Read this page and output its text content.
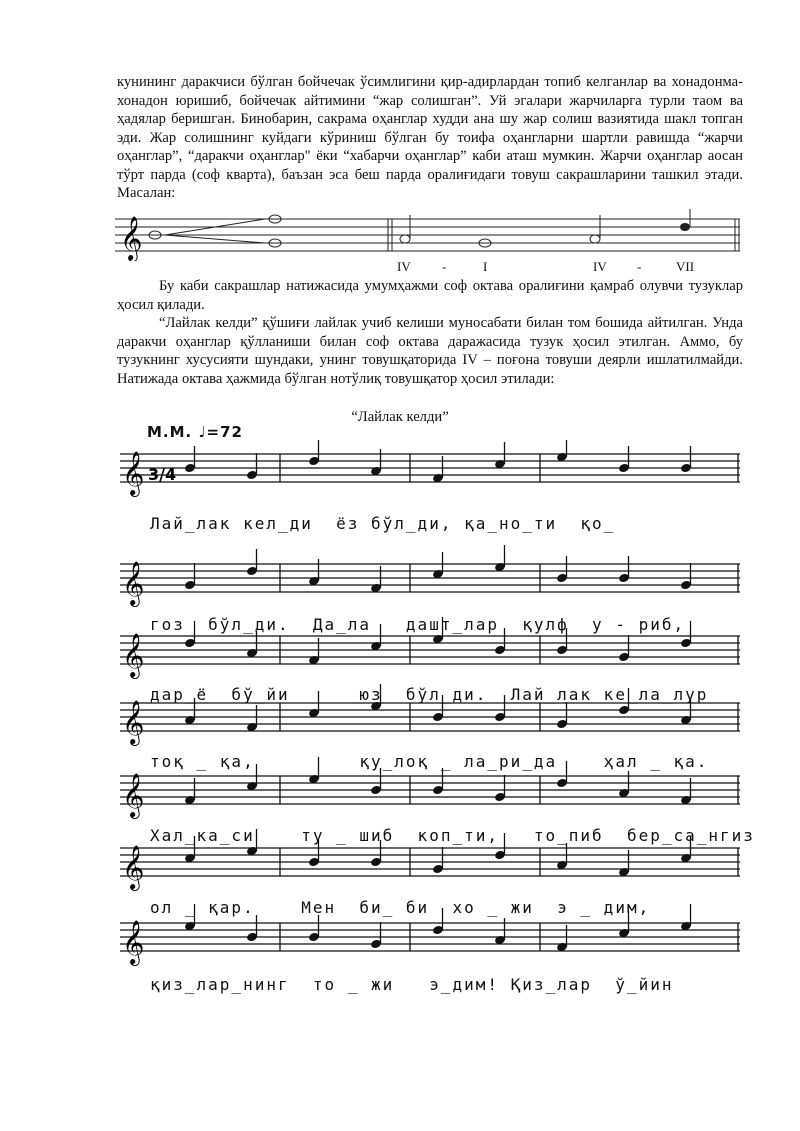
кунининг даракчиси бўлган бойчечак ўсимлигини қир-адирлардан топиб келганлар ва хонадонма-хонадон юришиб, бойчечак айтимини “жар солишган”. Уй эгалари жарчиларга турли таом ва ҳадялар беришган. Бинобарин, сакрама оҳанглар худди ана шу жар солиш вазиятида шакл топган эди. Жар солишнинг куйдаги кўриниш бўлган бу тоифа оҳангларни шартли равишда “жарчи оҳанглар”, “даракчи оҳанглар" ёки “хабарчи оҳанглар” каби аташ мумкин. Жарчи оҳанглар аосан тўрт парда (соф кварта), баъзан эса беш парда оралиғидаги товуш сакрашларини ташкил этади. Масалан:

𝄞
IV -	I	IV -	VII

Бу каби сакрашлар натижасида умумҳажми соф октава оралиғини қамраб олувчи тузуклар ҳосил қилади.

“Лайлак келди” қўшиғи лайлак учиб келиши муносабати билан том бошида айтилган. Унда даракчи оҳанглар қўлланиши билан соф октава даражасида тузук ҳосил этилган. Аммо, бу тузукнинг хусусияти шундаки, унинг товушқаторида IV – поғона товуши деярли ишлатилмайди. Натижада октава ҳажмида бўлган нотўлиқ товушқатор ҳосил этилади:

“Лайлак келди”
М.М. ♩=72
𝄞
𝄞
𝄞
𝄞
𝄞
𝄞
𝄞
3/4
Лай_лак кел_ди  ёз бўл_ди, қа_но_ти  қо_
гоз  бўл_ди.  Да_ла   дашт_лар  қулф  у - риб,
дар_ё  бў_йи      юз  бўл_ди.  Лай_лак ке_ла_лур
тоқ _ қа,         қу_лоқ _ ла_ри_да    ҳал _ қа.
Хал_ка_си    ту _ шиб  коп_ти,   то_пиб  бер_са_нгиз
ол _ қар.    Мен  би_ би  хо _ жи  э _ дим,
қиз_лар_нинг  то _ жи   э_дим! Қиз_лар  ў_йин
